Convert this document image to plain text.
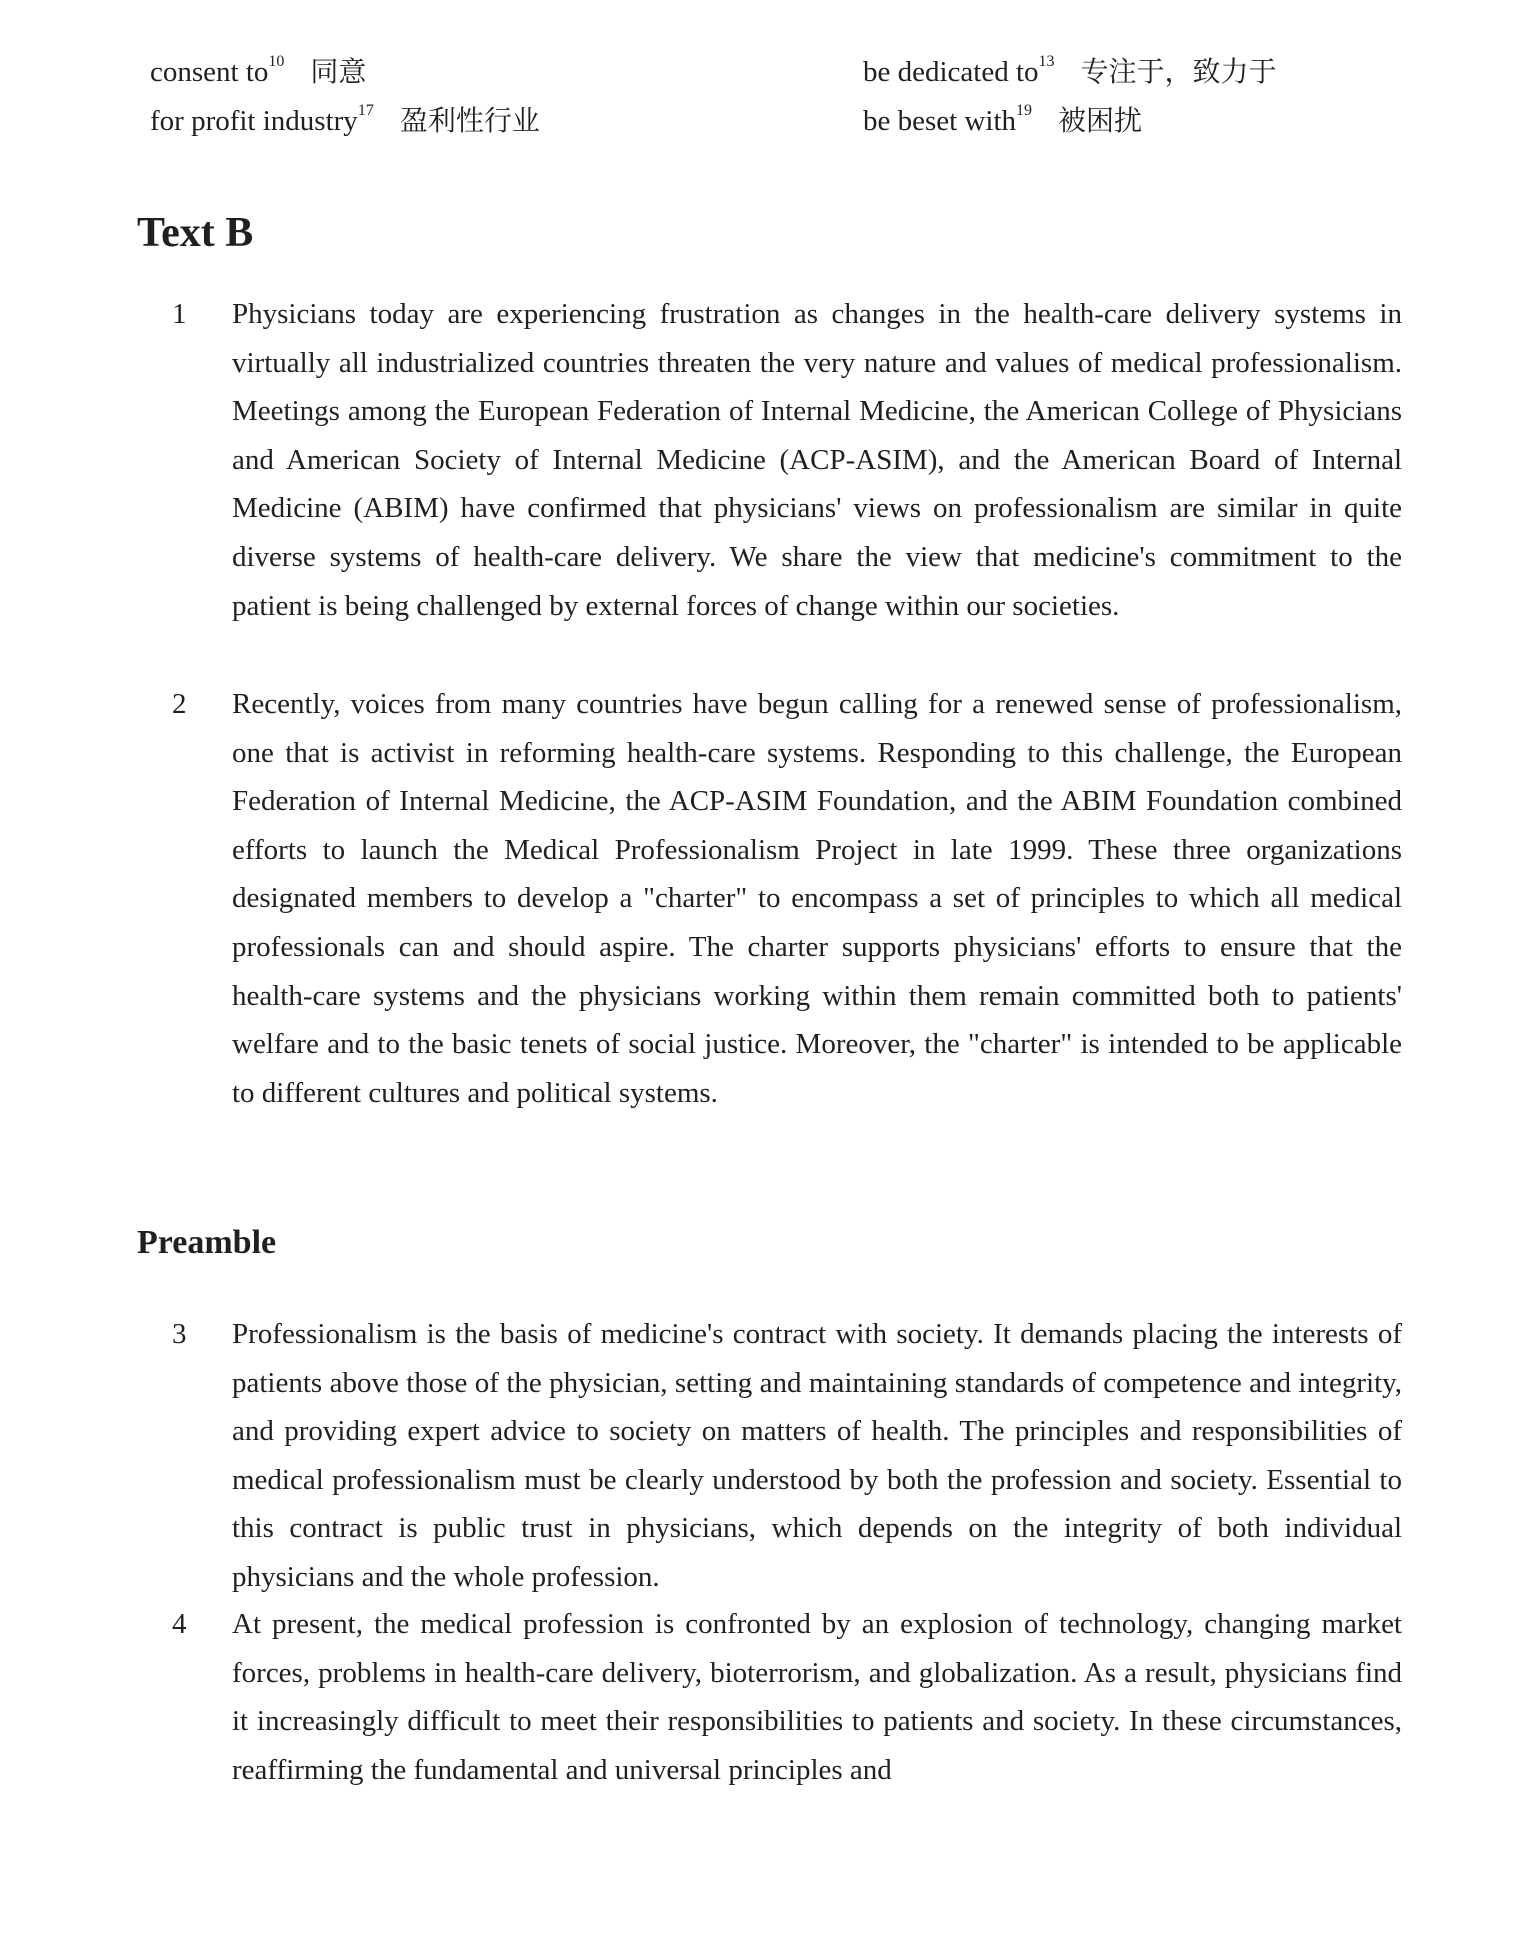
consent $to^{10}$ 同意	be dedicated $to^{13}$ 专注于，致力于
for profit industry$^{17}$ 盈利性行业	be beset with$^{19}$ 被困扰
Text B
1	Physicians today are experiencing frustration as changes in the health-care delivery systems in virtually all industrialized countries threaten the very nature and values of medical professionalism. Meetings among the European Federation of Internal Medicine, the American College of Physicians and American Society of Internal Medicine (ACP-ASIM), and the American Board of Internal Medicine (ABIM) have confirmed that physicians' views on professionalism are similar in quite diverse systems of health-care delivery. We share the view that medicine's commitment to the patient is being challenged by external forces of change within our societies.
2	Recently, voices from many countries have begun calling for a renewed sense of professionalism, one that is activist in reforming health-care systems. Responding to this challenge, the European Federation of Internal Medicine, the ACP-ASIM Foundation, and the ABIM Foundation combined efforts to launch the Medical Professionalism Project in late 1999. These three organizations designated members to develop a "charter" to encompass a set of principles to which all medical professionals can and should aspire. The charter supports physicians' efforts to ensure that the health-care systems and the physicians working within them remain committed both to patients' welfare and to the basic tenets of social justice. Moreover, the "charter" is intended to be applicable to different cultures and political systems.
Preamble
3	Professionalism is the basis of medicine's contract with society. It demands placing the interests of patients above those of the physician, setting and maintaining standards of competence and integrity, and providing expert advice to society on matters of health. The principles and responsibilities of medical professionalism must be clearly understood by both the profession and society. Essential to this contract is public trust in physicians, which depends on the integrity of both individual physicians and the whole profession.
4	At present, the medical profession is confronted by an explosion of technology, changing market forces, problems in health-care delivery, bioterrorism, and globalization. As a result, physicians find it increasingly difficult to meet their responsibilities to patients and society. In these circumstances, reaffirming the fundamental and universal principles and
